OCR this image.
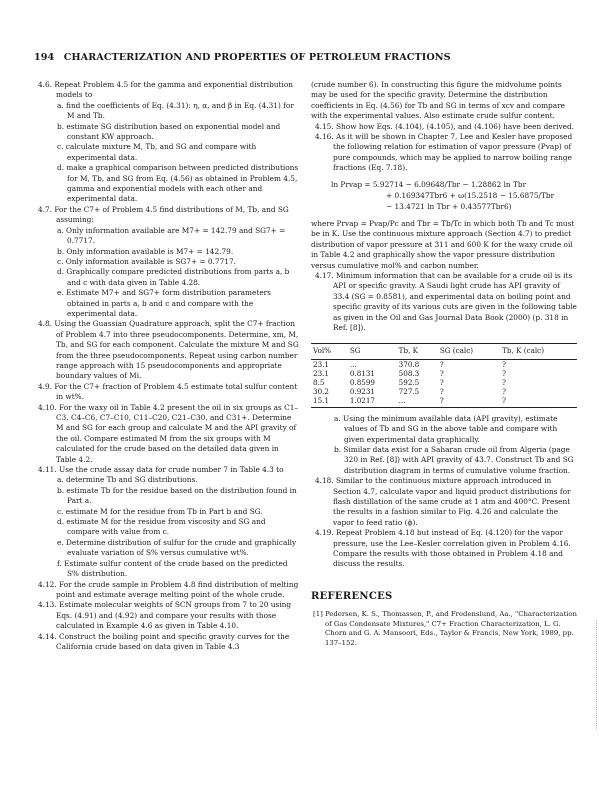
194 CHARACTERIZATION AND PROPERTIES OF PETROLEUM FRACTIONS

4.6. Repeat Problem 4.5 for the gamma and exponential distribution models to

a. find the coefficients of Eq. (4.31): η, α, and β in Eq. (4.31) for M and Tb.

b. estimate SG distribution based on exponential model and constant KW approach.

c. calculate mixture M, Tb, and SG and compare with experimental data.

d. make a graphical comparison between predicted distributions for M, Tb, and SG from Eq. (4.56) as obtained in Problem 4.5, gamma and exponential models with each other and experimental data.

4.7. For the C7+ of Problem 4.5 find distributions of M, Tb, and SG assuming:

a. Only information available are M7+ = 142.79 and SG7+ = 0.7717.

b. Only information available is M7+ = 142.79.

c. Only information available is SG7+ = 0.7717.

d. Graphically compare predicted distributions from parts a, b and c with data given in Table 4.28.

e. Estimate M7+ and SG7+ form distribution parameters obtained in parts a, b and c and compare with the experimental data.

4.8. Using the Guassian Quadrature approach, split the C7+ fraction of Problem 4.7 into three pseudocomponents. Determine, xm, M, Tb, and SG for each component. Calculate the mixture M and SG from the three pseudocomponents. Repeat using carbon number range approach with 15 pseudocomponents and appropriate boundary values of Mi.

4.9. For the C7+ fraction of Problem 4.5 estimate total sulfur content in wt%.

4.10. For the waxy oil in Table 4.2 present the oil in six groups as C1–C3, C4–C6, C7–C10, C11–C20, C21–C30, and C31+. Determine M and SG for each group and calculate M and the API gravity of the oil. Compare estimated M from the six groups with M calculated for the crude based on the detailed data given in Table 4.2.

4.11. Use the crude assay data for crude number 7 in Table 4.3 to

a. determine Tb and SG distributions.

b. estimate Tb for the residue based on the distribution found in Part a.

c. estimate M for the residue from Tb in Part b and SG.

d. estimate M for the residue from viscosity and SG and compare with value from c.

e. Determine distribution of sulfur for the crude and graphically evaluate variation of S% versus cumulative wt%.

f. Estimate sulfur content of the crude based on the predicted S% distribution.

4.12. For the crude sample in Problem 4.8 find distribution of melting point and estimate average melting point of the whole crude.

4.13. Estimate molecular weights of SCN groups from 7 to 20 using Eqs. (4.91) and (4.92) and compare your results with those calculated in Example 4.6 as given in Table 4.10.

4.14. Construct the boiling point and specific gravity curves for the California crude based on data given in Table 4.3

(crude number 6). In constructing this figure the midvolume points may be used for the specific gravity. Determine the distribution coefficients in Eq. (4.56) for Tb and SG in terms of xcv and compare with the experimental values. Also estimate crude sulfur content.

4.15. Show how Eqs. (4.104), (4.105), and (4.106) have been derived.

4.16. As it will be shown in Chapter 7, Lee and Kesler have proposed the following relation for estimation of vapor pressure (Pvap) of pure compounds, which may be applied to narrow boiling range fractions (Eq. 7.18).

ln Prvap = 5.92714 − 6.09648/Tbr − 1.28862 ln Tbr
+ 0.169347Tbr6 + ω(15.2518 − 15.6875/Tbr
− 13.4721 ln Tbr + 0.43577Tbr6)

where Prvap = Pvap/Pc and Tbr = Tb/Tc in which both Tb and Tc must be in K. Use the continuous mixture approach (Section 4.7) to predict distribution of vapor pressure at 311 and 600 K for the waxy crude oil in Table 4.2 and graphically show the vapor pressure distribution versus cumulative mol% and carbon number.

4.17. Minimum information that can be available for a crude oil is its API or specific gravity. A Saudi light crude has API gravity of 33.4 (SG = 0.8581), and experimental data on boiling point and specific gravity of its various cuts are given in the following table as given in the Oil and Gas Journal Data Book (2000) (p. 318 in Ref. [8]).

Vol%	SG	Tb, K	SG (calc)	Tb, K (calc)
23.1	...	370.8	?	?
23.1	0.8131	508.3	?	?
8.5	0.8599	592.5	?	?
30.2	0.9231	727.5	?	?
15.1	1.0217	...	?	?

a. Using the minimum available data (API gravity), estimate values of Tb and SG in the above table and compare with given experimental data graphically.

b. Similar data exist for a Saharan crude oil from Algeria (page 320 in Ref. [8]) with API gravity of 43.7. Construct Tb and SG distribution diagram in terms of cumulative volume fraction.

4.18. Similar to the continuous mixture approach introduced in Section 4.7, calculate vapor and liquid product distributions for flash distillation of the same crude at 1 atm and 400°C. Present the results in a fashion similar to Fig. 4.26 and calculate the vapor to feed ratio (ϕ).

4.19. Repeat Problem 4.18 but instead of Eq. (4.120) for the vapor pressure, use the Lee–Kesler correlation given in Problem 4.16. Compare the results with those obtained in Problem 4.18 and discuss the results.

REFERENCES

[1] Pedersen, K. S., Thomassen, P., and Fredenslund, Aa., "Characterization of Gas Condensate Mixtures," C7+ Fraction Characterization, L. G. Chorn and G. A. Mansoori, Eds., Taylor & Francis, New York, 1989, pp. 137–152.
